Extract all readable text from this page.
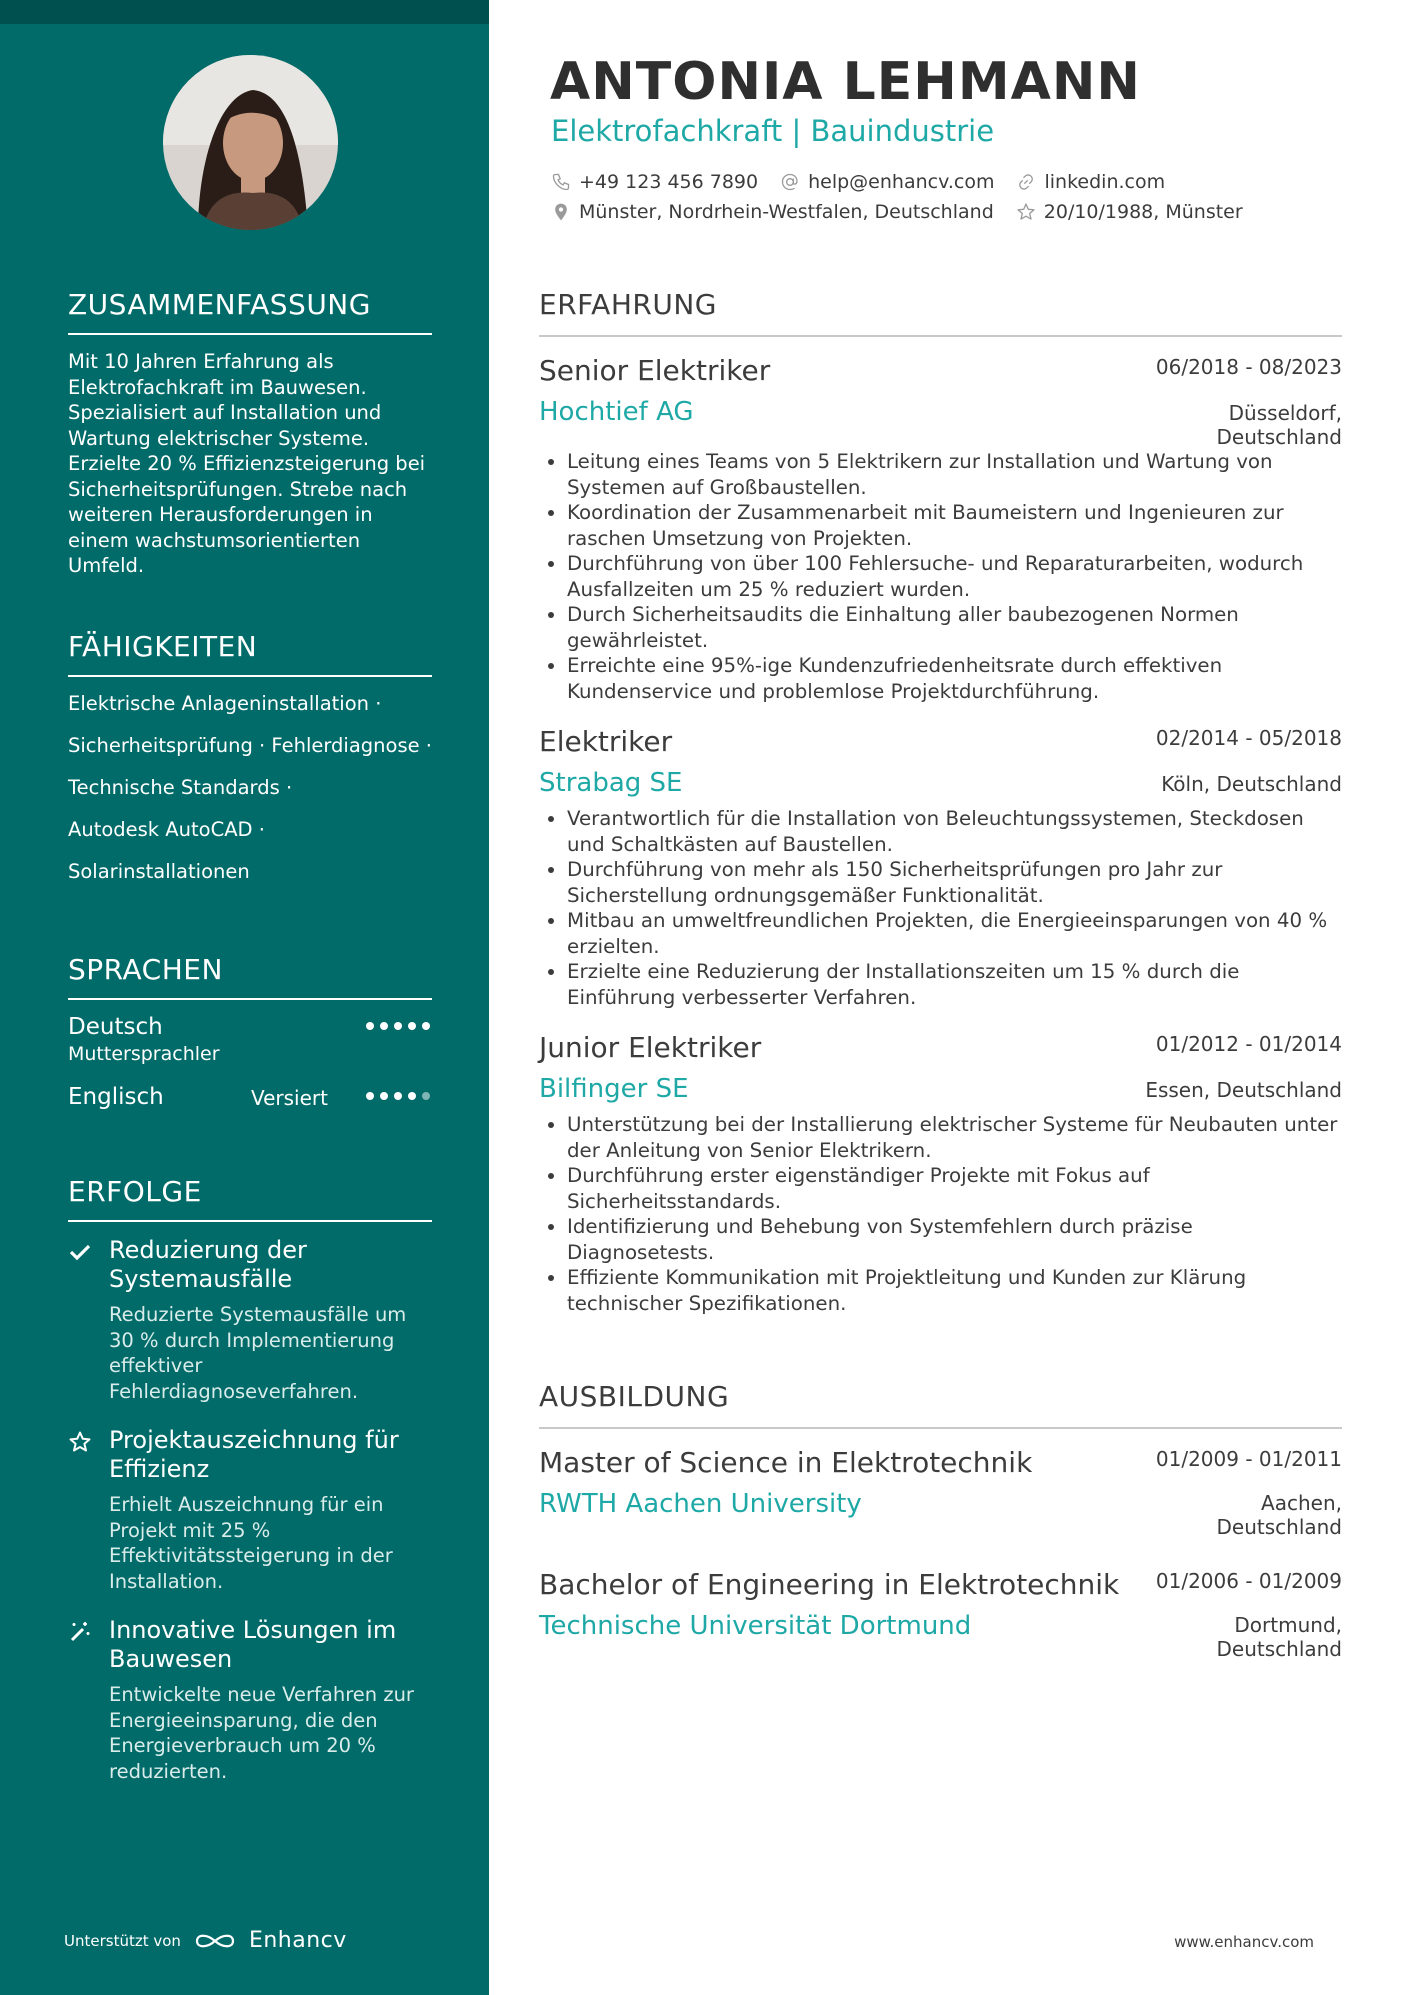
ZUSAMMENFASSUNG
Mit 10 Jahren Erfahrung als Elektrofachkraft im Bauwesen. Spezialisiert auf Installation und Wartung elektrischer Systeme. Erzielte 20 % Effizienzsteigerung bei Sicherheitsprüfungen. Strebe nach weiteren Herausforderungen in einem wachstumsorientierten Umfeld.
FÄHIGKEITEN
Elektrische Anlageninstallation ·
Sicherheitsprüfung · Fehlerdiagnose ·
Technische Standards ·
Autodesk AutoCAD ·
Solarinstallationen
SPRACHEN
Deutsch
Muttersprachler
Englisch	Versiert
ERFOLGE
Reduzierung der Systemausfälle
Reduzierte Systemausfälle um 30 % durch Implementierung effektiver Fehlerdiagnoseverfahren.
Projektauszeichnung für Effizienz
Erhielt Auszeichnung für ein Projekt mit 25 % Effektivitätssteigerung in der Installation.
Innovative Lösungen im Bauwesen
Entwickelte neue Verfahren zur Energieeinsparung, die den Energieverbrauch um 20 % reduzierten.
Unterstützt von	Enhancv
ANTONIA LEHMANN
Elektrofachkraft | Bauindustrie
+49 123 456 7890	help@enhancv.com	linkedin.com
Münster, Nordrhein-Westfalen, Deutschland	20/10/1988, Münster
ERFAHRUNG
Senior Elektriker	06/2018 - 08/2023
Hochtief AG	Düsseldorf,
Deutschland
• Leitung eines Teams von 5 Elektrikern zur Installation und Wartung von Systemen auf Großbaustellen.
• Koordination der Zusammenarbeit mit Baumeistern und Ingenieuren zur raschen Umsetzung von Projekten.
• Durchführung von über 100 Fehlersuche- und Reparaturarbeiten, wodurch Ausfallzeiten um 25 % reduziert wurden.
• Durch Sicherheitsaudits die Einhaltung aller baubezogenen Normen gewährleistet.
• Erreichte eine 95%-ige Kundenzufriedenheitsrate durch effektiven Kundenservice und problemlose Projektdurchführung.
Elektriker	02/2014 - 05/2018
Strabag SE	Köln, Deutschland
• Verantwortlich für die Installation von Beleuchtungssystemen, Steckdosen und Schaltkästen auf Baustellen.
• Durchführung von mehr als 150 Sicherheitsprüfungen pro Jahr zur Sicherstellung ordnungsgemäßer Funktionalität.
• Mitbau an umweltfreundlichen Projekten, die Energieeinsparungen von 40 % erzielten.
• Erzielte eine Reduzierung der Installationszeiten um 15 % durch die Einführung verbesserter Verfahren.
Junior Elektriker	01/2012 - 01/2014
Bilfinger SE	Essen, Deutschland
• Unterstützung bei der Installierung elektrischer Systeme für Neubauten unter der Anleitung von Senior Elektrikern.
• Durchführung erster eigenständiger Projekte mit Fokus auf Sicherheitsstandards.
• Identifizierung und Behebung von Systemfehlern durch präzise Diagnosetests.
• Effiziente Kommunikation mit Projektleitung und Kunden zur Klärung technischer Spezifikationen.
AUSBILDUNG
Master of Science in Elektrotechnik	01/2009 - 01/2011
RWTH Aachen University	Aachen,
Deutschland
Bachelor of Engineering in Elektrotechnik	01/2006 - 01/2009
Technische Universität Dortmund	Dortmund,
Deutschland
www.enhancv.com
